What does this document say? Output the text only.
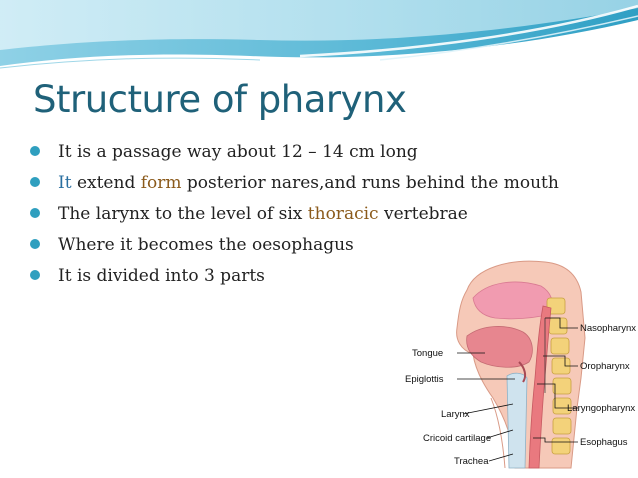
Structure of pharynx
It is a passage way about 12 – 14 cm long
It extend form posterior nares,and runs behind the mouth
The larynx to the level of six thoracic vertebrae
Where it becomes the oesophagus
It is divided into 3 parts
Nasopharynx
Tongue
Oropharynx
Epiglottis
Larynx
Laryngopharynx
Cricoid cartilage	Esophagus
Trachea
